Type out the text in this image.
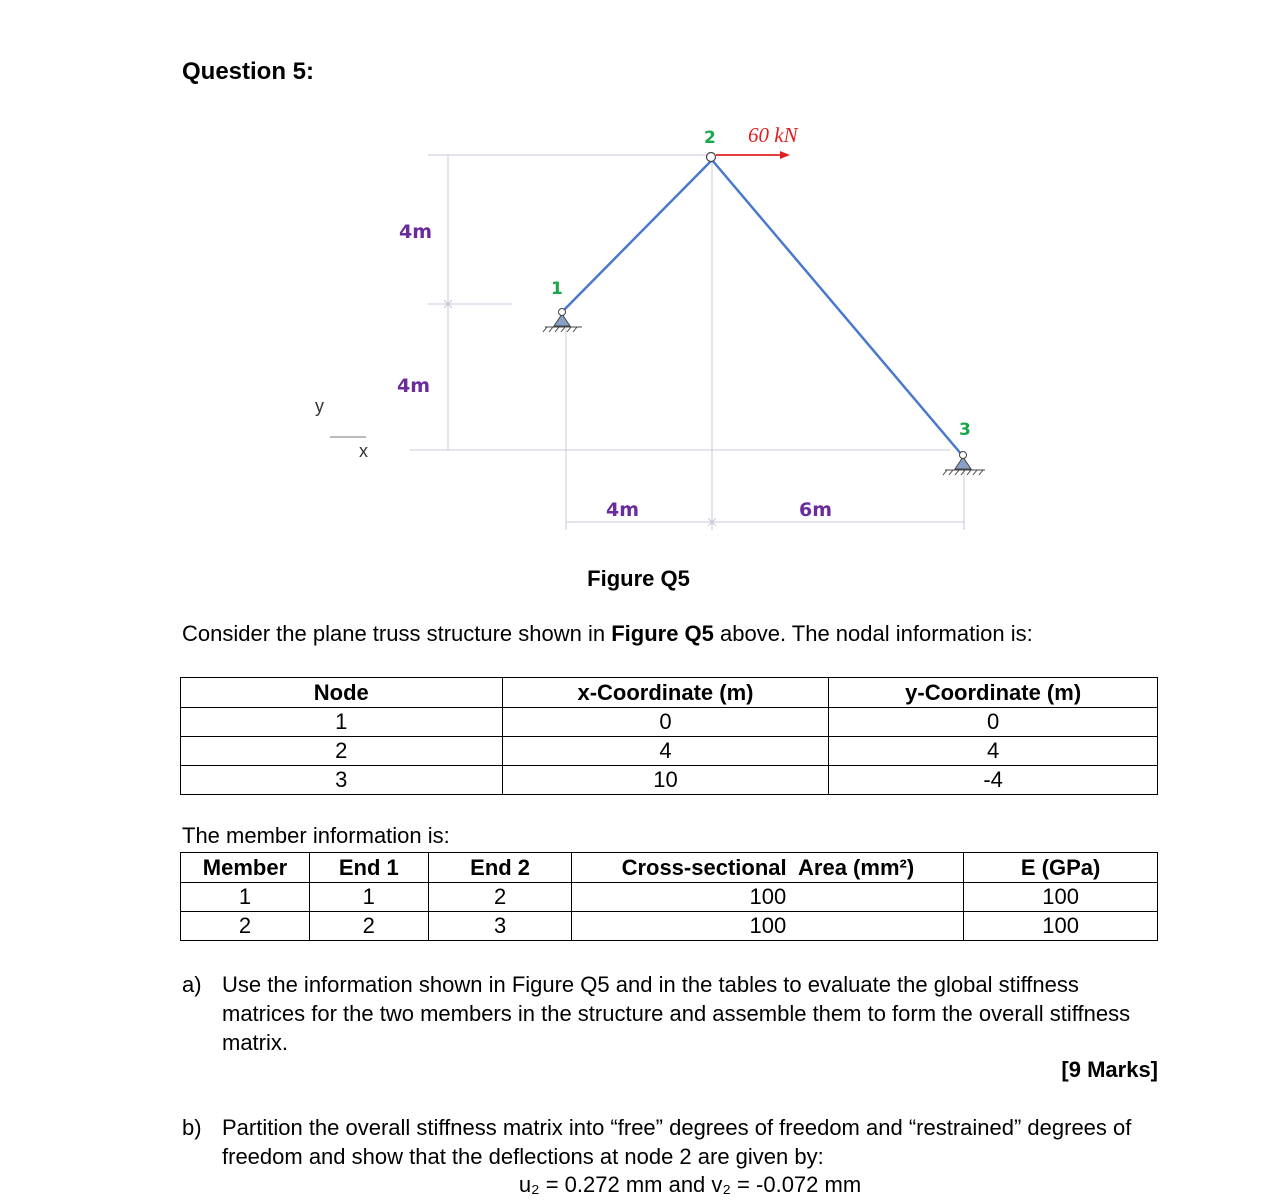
Question 5:
y
x
60 kN
1
2
3
4m
4m
4m	6m
Figure Q5
Consider the plane truss structure shown in Figure Q5 above. The nodal information is:
Node	x-Coordinate (m)	y-Coordinate (m)
1	0	0
2	4	4
3	10	-4
The member information is:
Member	End 1	End 2	Cross-sectional  Area (mm²)	E (GPa)
1	1	2	100	100
2	2	3	100	100
a) Use the information shown in Figure Q5 and in the tables to evaluate the global stiffness matrices for the two members in the structure and assemble them to form the overall stiffness matrix.
[9 Marks]
b) Partition the overall stiffness matrix into “free” degrees of freedom and “restrained” degrees of freedom and show that the deflections at node 2 are given by:
u₂ = 0.272 mm and v₂ = -0.072 mm
